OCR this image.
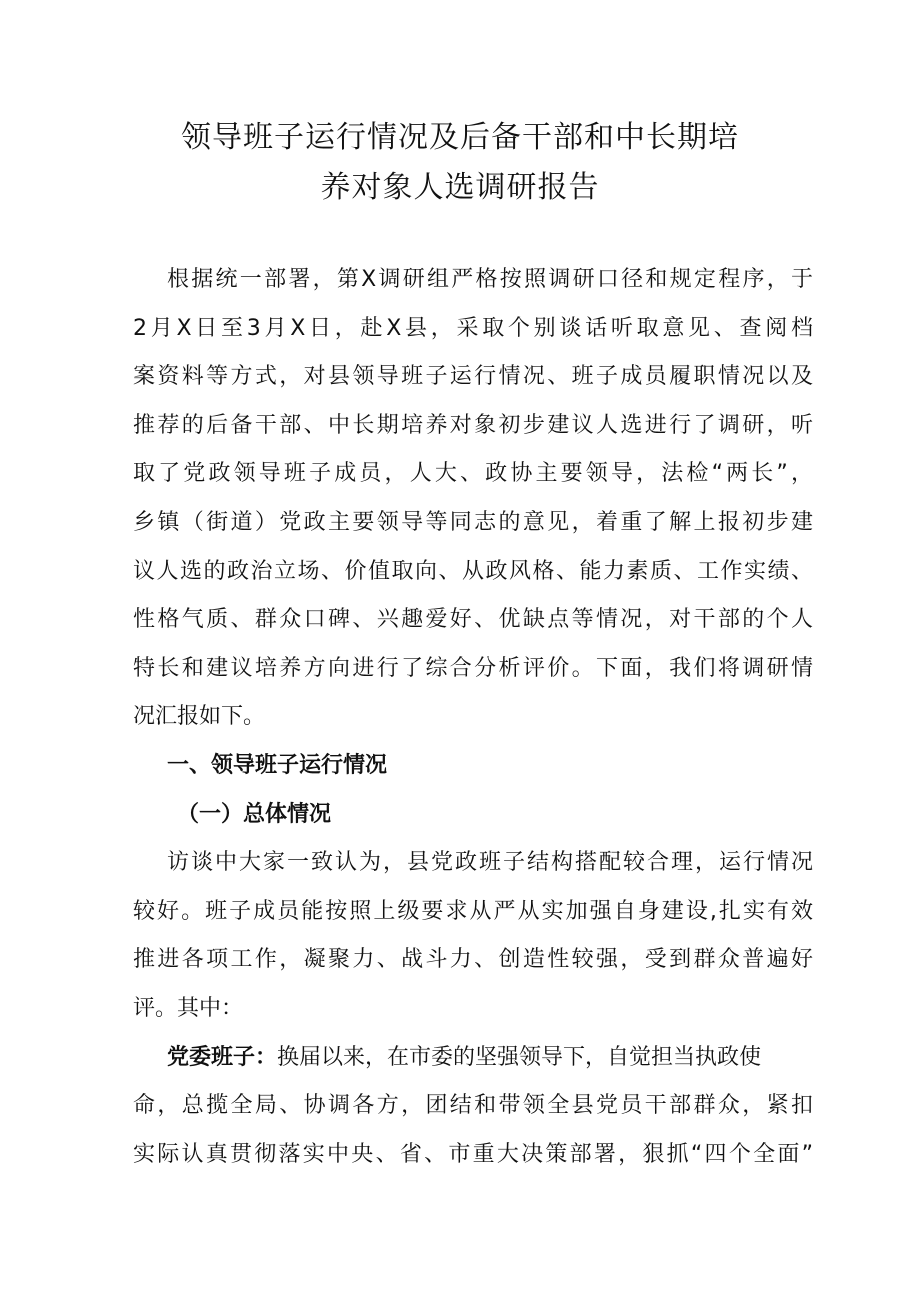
领导班子运行情况及后备干部和中长期培
养对象人选调研报告
根据统一部署，第X调研组严格按照调研口径和规定程序，于
2月X日至3月X日，赴X县，采取个别谈话听取意见、查阅档
案资料等方式，对县领导班子运行情况、班子成员履职情况以及
推荐的后备干部、中长期培养对象初步建议人选进行了调研，听
取了党政领导班子成员，人大、政协主要领导，法检“两长”，
乡镇（街道）党政主要领导等同志的意见，着重了解上报初步建
议人选的政治立场、价值取向、从政风格、能力素质、工作实绩、
性格气质、群众口碑、兴趣爱好、优缺点等情况，对干部的个人
特长和建议培养方向进行了综合分析评价。下面，我们将调研情
况汇报如下。
一、领导班子运行情况
（一）总体情况
访谈中大家一致认为，县党政班子结构搭配较合理，运行情况
较好。班子成员能按照上级要求从严从实加强自身建设,扎实有效
推进各项工作，凝聚力、战斗力、创造性较强，受到群众普遍好
评。其中：
党委班子：换届以来，在市委的坚强领导下，自觉担当执政使
命，总揽全局、协调各方，团结和带领全县党员干部群众，紧扣
实际认真贯彻落实中央、省、市重大决策部署，狠抓“四个全面”
